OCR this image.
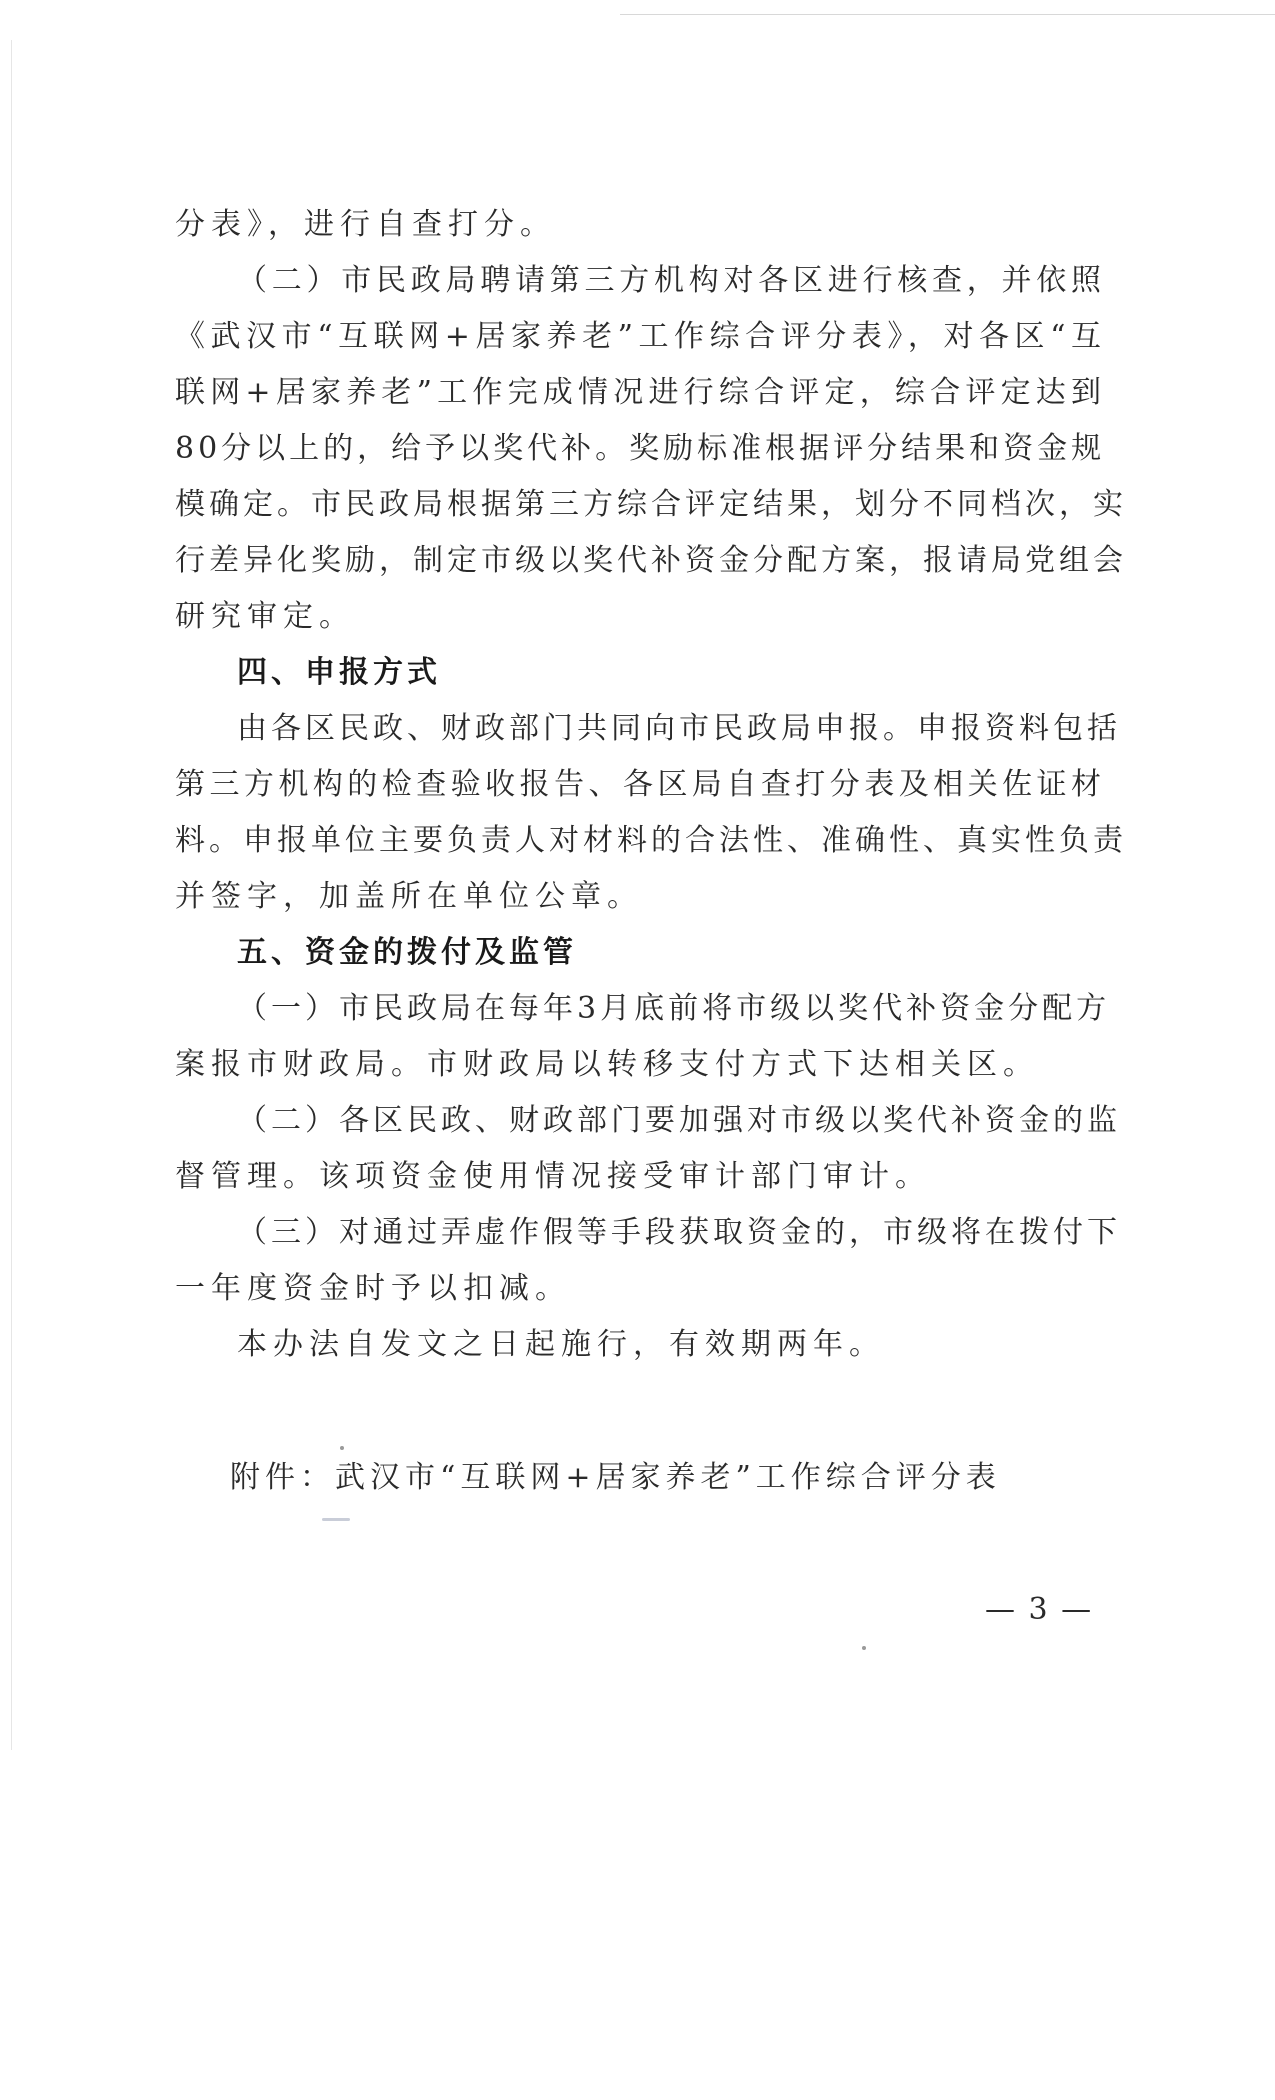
分表》，进行自查打分。
（二）市民政局聘请第三方机构对各区进行核查，并依照
《武汉市“互联网+居家养老”工作综合评分表》，对各区“互
联网+居家养老”工作完成情况进行综合评定，综合评定达到
80分以上的，给予以奖代补。奖励标准根据评分结果和资金规
模确定。市民政局根据第三方综合评定结果，划分不同档次，实
行差异化奖励，制定市级以奖代补资金分配方案，报请局党组会
研究审定。
四、申报方式
由各区民政、财政部门共同向市民政局申报。申报资料包括
第三方机构的检查验收报告、各区局自查打分表及相关佐证材
料。申报单位主要负责人对材料的合法性、准确性、真实性负责
并签字，加盖所在单位公章。
五、资金的拨付及监管
（一）市民政局在每年3月底前将市级以奖代补资金分配方
案报市财政局。市财政局以转移支付方式下达相关区。
（二）各区民政、财政部门要加强对市级以奖代补资金的监
督管理。该项资金使用情况接受审计部门审计。
（三）对通过弄虚作假等手段获取资金的，市级将在拨付下
一年度资金时予以扣减。
本办法自发文之日起施行，有效期两年。
附件：武汉市“互联网+居家养老”工作综合评分表
— 3 —
